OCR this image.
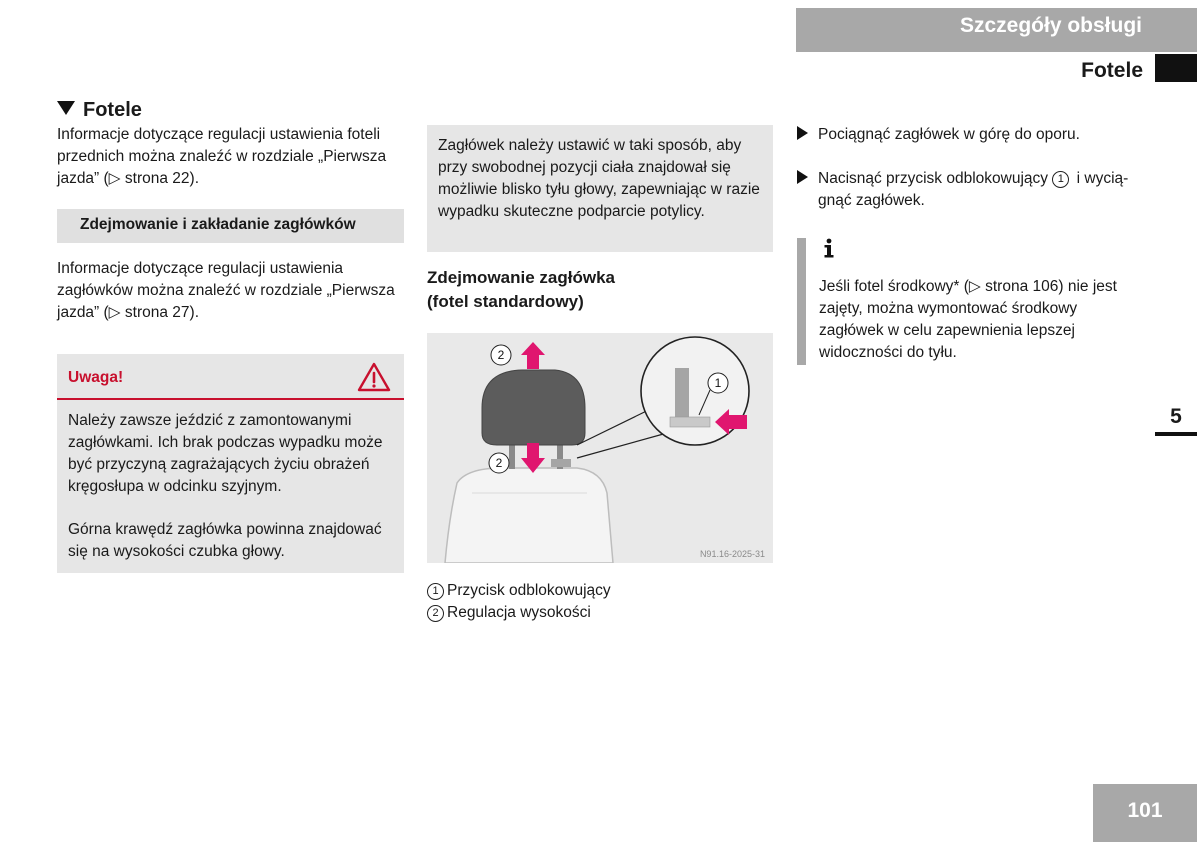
Szczegóły obsługi
Fotele
5
Fotele
Informacje dotyczące regulacji ustawienia foteli przednich można znaleźć w rozdziale „Pierwsza jazda” (▷ strona 22).
Zdejmowanie i zakładanie zagłówków
Informacje dotyczące regulacji ustawienia zagłówków można znaleźć w rozdziale „Pierwsza jazda” (▷ strona 27).
Uwaga!
Należy zawsze jeździć z zamontowanymi zagłówkami. Ich brak podczas wypadku może być przyczyną zagrażających życiu obrażeń kręgosłupa w odcinku szyjnym.
Górna krawędź zagłówka powinna znajdować się na wysokości czubka głowy.
Zagłówek należy ustawić w taki sposób, aby przy swobodnej pozycji ciała znajdował się możliwie blisko tyłu głowy, zapewniając w razie wypadku skuteczne podparcie potylicy.
Zdejmowanie zagłówka
(fotel standardowy)
2
2
1
N91.16-2025-31
1 Przycisk odblokowujący
2 Regulacja wysokości
Pociągnąć zagłówek w górę do oporu.
Nacisnąć przycisk odblokowujący 1 i wycią-
gnąć zagłówek.
Jeśli fotel środkowy* (▷ strona 106) nie jest zajęty, można wymontować środkowy zagłówek w celu zapewnienia lepszej widoczności do tyłu.
101
